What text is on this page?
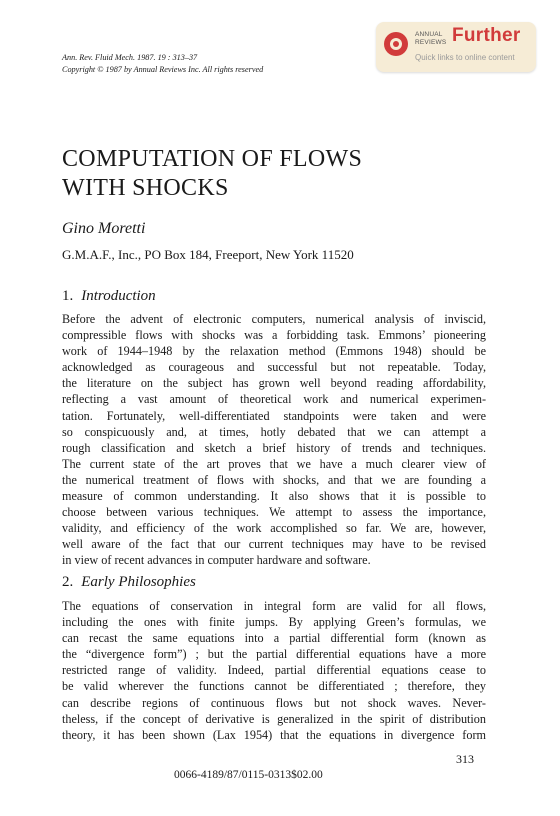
Ann. Rev. Fluid Mech. 1987. 19 : 313–37
Copyright © 1987 by Annual Reviews Inc. All rights reserved
ANNUAL
REVIEWS Further
Quick links to online content
COMPUTATION OF FLOWS
WITH SHOCKS
Gino Moretti
G.M.A.F., Inc., PO Box 184, Freeport, New York 11520
1. Introduction
Before the advent of electronic computers, numerical analysis of inviscid,
compressible flows with shocks was a forbidding task. Emmons’ pioneering
work of 1944–1948 by the relaxation method (Emmons 1948) should be
acknowledged as courageous and successful but not repeatable. Today,
the literature on the subject has grown well beyond reading affordability,
reflecting a vast amount of theoretical work and numerical experimen-
tation. Fortunately, well-differentiated standpoints were taken and were
so conspicuously and, at times, hotly debated that we can attempt a
rough classification and sketch a brief history of trends and techniques.
The current state of the art proves that we have a much clearer view of
the numerical treatment of flows with shocks, and that we are founding a
measure of common understanding. It also shows that it is possible to
choose between various techniques. We attempt to assess the importance,
validity, and efficiency of the work accomplished so far. We are, however,
well aware of the fact that our current techniques may have to be revised
in view of recent advances in computer hardware and software.
2. Early Philosophies
The equations of conservation in integral form are valid for all flows,
including the ones with finite jumps. By applying Green’s formulas, we
can recast the same equations into a partial differential form (known as
the “divergence form”) ; but the partial differential equations have a more
restricted range of validity. Indeed, partial differential equations cease to
be valid wherever the functions cannot be differentiated ; therefore, they
can describe regions of continuous flows but not shock waves. Never-
theless, if the concept of derivative is generalized in the spirit of distribution
theory, it has been shown (Lax 1954) that the equations in divergence form
313
0066-4189/87/0115-0313$02.00
